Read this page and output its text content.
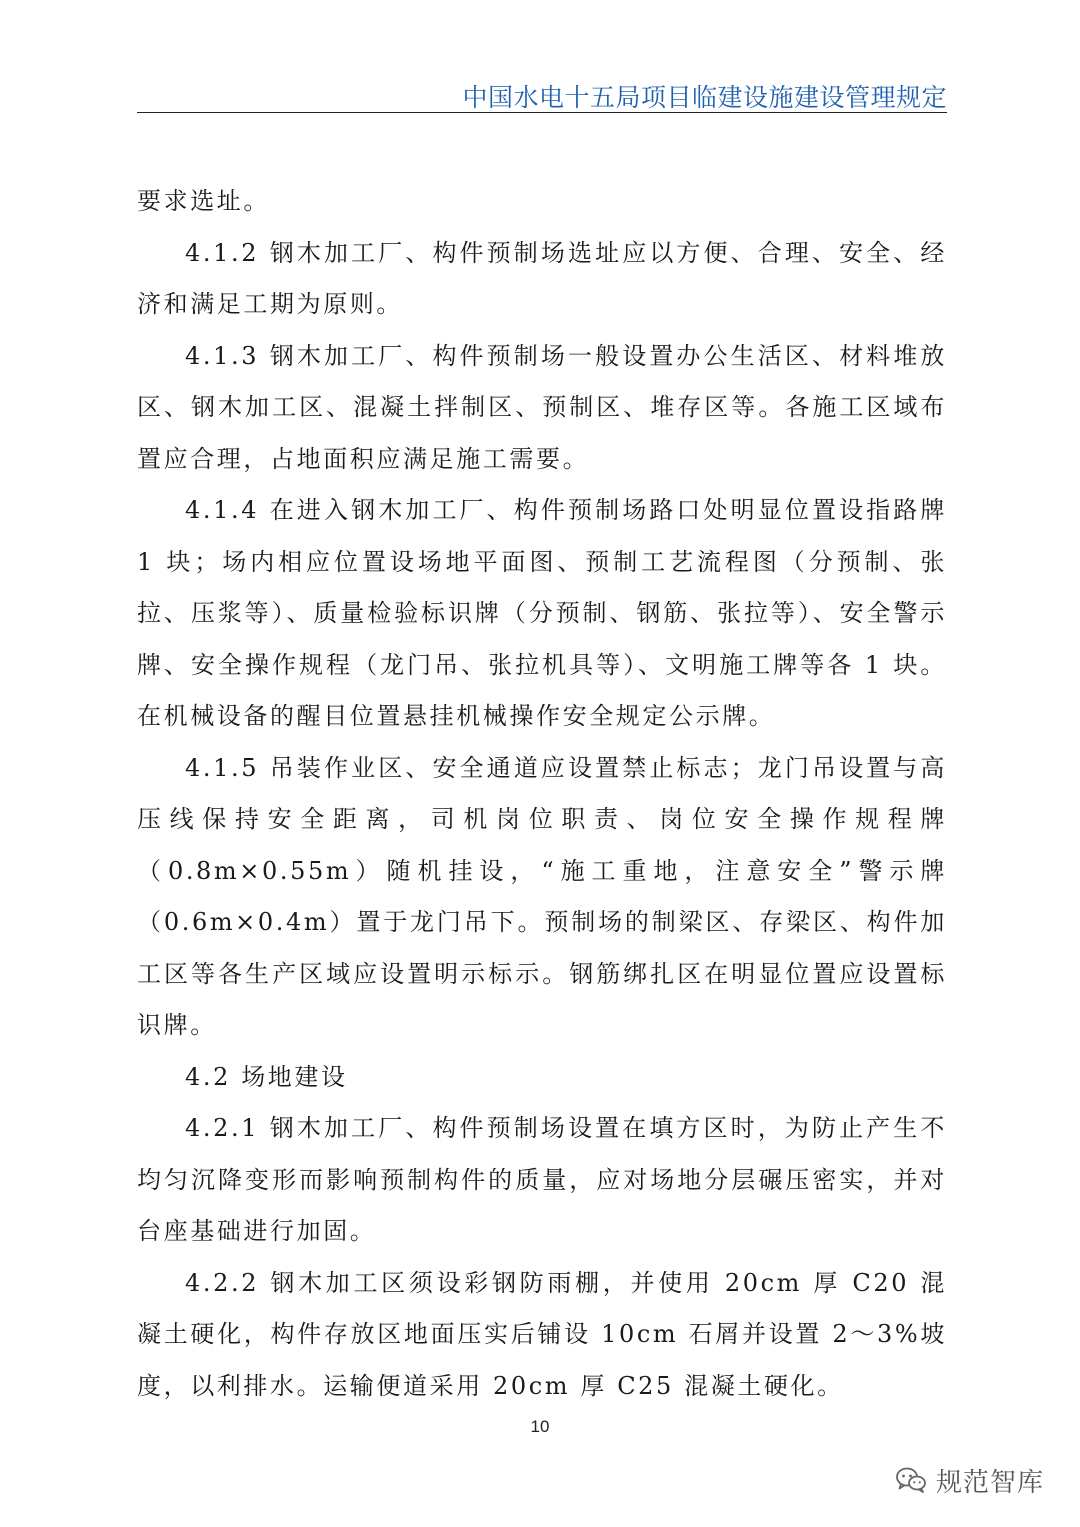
中国水电十五局项目临建设施建设管理规定

要求选址。

4.1.2 钢木加工厂、构件预制场选址应以方便、合理、安全、经济和满足工期为原则。

4.1.3 钢木加工厂、构件预制场一般设置办公生活区、材料堆放区、钢木加工区、混凝土拌制区、预制区、堆存区等。各施工区域布置应合理，占地面积应满足施工需要。

4.1.4 在进入钢木加工厂、构件预制场路口处明显位置设指路牌 1 块；场内相应位置设场地平面图、预制工艺流程图（分预制、张拉、压浆等）、质量检验标识牌（分预制、钢筋、张拉等）、安全警示牌、安全操作规程（龙门吊、张拉机具等）、文明施工牌等各 1 块。在机械设备的醒目位置悬挂机械操作安全规定公示牌。

4.1.5 吊装作业区、安全通道应设置禁止标志；龙门吊设置与高压线保持安全距离，司机岗位职责、岗位安全操作规程牌（0.8m×0.55m）随机挂设，“施工重地，注意安全”警示牌（0.6m×0.4m）置于龙门吊下。预制场的制梁区、存梁区、构件加工区等各生产区域应设置明示标示。钢筋绑扎区在明显位置应设置标识牌。

4.2 场地建设

4.2.1 钢木加工厂、构件预制场设置在填方区时，为防止产生不均匀沉降变形而影响预制构件的质量，应对场地分层碾压密实，并对台座基础进行加固。

4.2.2 钢木加工区须设彩钢防雨棚，并使用 20cm 厚 C20 混凝土硬化，构件存放区地面压实后铺设 10cm 石屑并设置 2～3%坡度，以利排水。运输便道采用 20cm 厚 C25 混凝土硬化。

10
规范智库
